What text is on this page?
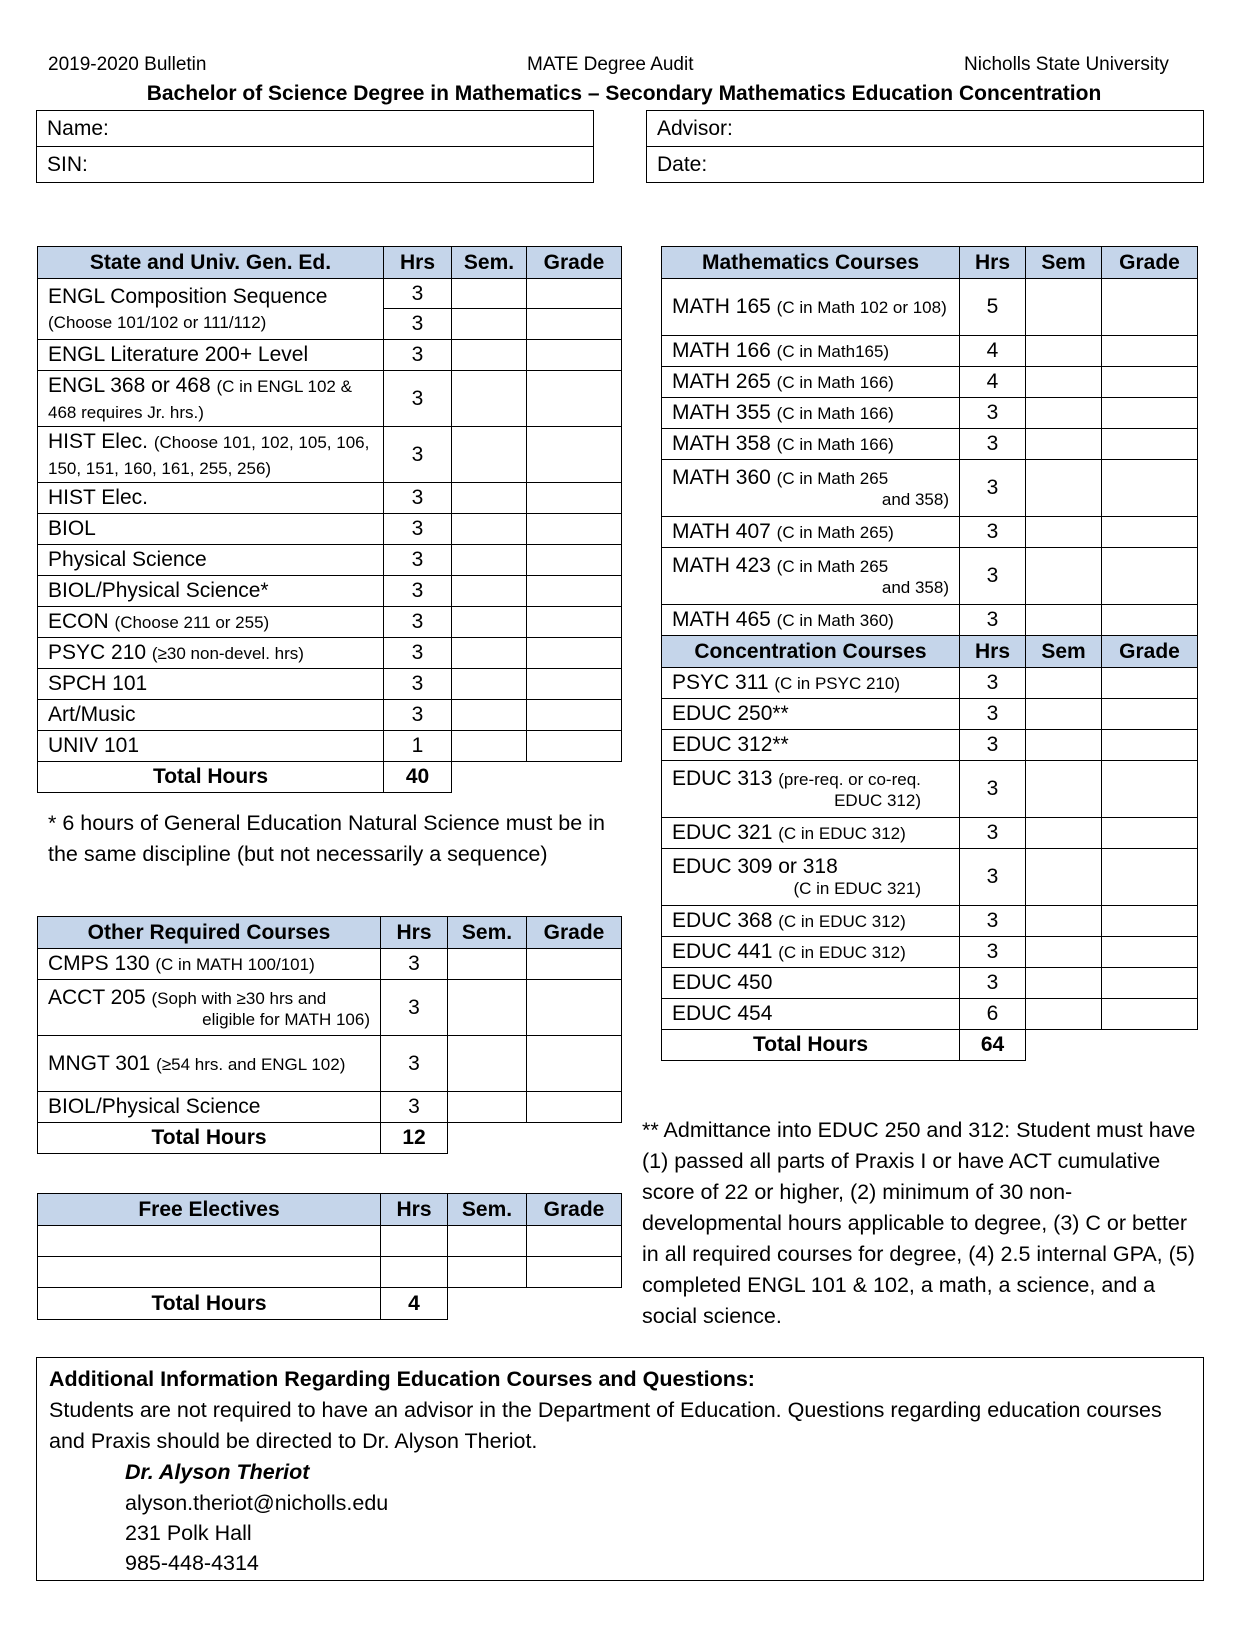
2019-2020 Bulletin	MATE Degree Audit	Nicholls State University
Bachelor of Science Degree in Mathematics – Secondary Mathematics Education Concentration
Name:
SIN:
Advisor:
Date:
State and Univ. Gen. Ed.	Hrs	Sem.	Grade
ENGL Composition Sequence
(Choose 101/102 or 111/112)	3		
	3		
ENGL Literature 200+ Level	3		
ENGL 368 or 468 (C in ENGL 102 & 468 requires Jr. hrs.)	3		
HIST Elec. (Choose 101, 102, 105, 106, 150, 151, 160, 161, 255, 256)	3		
HIST Elec.	3		
BIOL	3		
Physical Science	3		
BIOL/Physical Science*	3		
ECON (Choose 211 or 255)	3		
PSYC 210 (≥30 non-devel. hrs)	3		
SPCH 101	3		
Art/Music	3		
UNIV 101	1		
Total Hours	40		
* 6 hours of General Education Natural Science must be in the same discipline (but not necessarily a sequence)
Other Required Courses	Hrs	Sem.	Grade
CMPS 130 (C in MATH 100/101)	3		
ACCT 205 (Soph with ≥30 hrs and
eligible for MATH 106)	3		
MNGT 301 (≥54 hrs. and ENGL 102)	3		
BIOL/Physical Science	3		
Total Hours	12		
Free Electives	Hrs	Sem.	Grade

Total Hours	4		
Mathematics Courses	Hrs	Sem	Grade
MATH 165 (C in Math 102 or 108)	5		
MATH 166 (C in Math165)	4		
MATH 265 (C in Math 166)	4		
MATH 355 (C in Math 166)	3		
MATH 358 (C in Math 166)	3		
MATH 360 (C in Math 265
and 358)	3		
MATH 407 (C in Math 265)	3		
MATH 423 (C in Math 265
and 358)	3		
MATH 465 (C in Math 360)	3		
Concentration Courses	Hrs	Sem	Grade
PSYC 311 (C in PSYC 210)	3		
EDUC 250**	3		
EDUC 312**	3		
EDUC 313 (pre-req. or co-req.
EDUC 312)	3		
EDUC 321 (C in EDUC 312)	3		
EDUC 309 or 318
(C in EDUC 321)	3		
EDUC 368 (C in EDUC 312)	3		
EDUC 441 (C in EDUC 312)	3		
EDUC 450	3		
EDUC 454	6		
Total Hours	64		
** Admittance into EDUC 250 and 312: Student must have (1) passed all parts of Praxis I or have ACT cumulative score of 22 or higher, (2) minimum of 30 non-developmental hours applicable to degree, (3) C or better in all required courses for degree, (4) 2.5 internal GPA, (5) completed ENGL 101 & 102, a math, a science, and a social science.
Additional Information Regarding Education Courses and Questions:
Students are not required to have an advisor in the Department of Education. Questions regarding education courses and Praxis should be directed to Dr. Alyson Theriot.
Dr. Alyson Theriot
alyson.theriot@nicholls.edu
231 Polk Hall
985-448-4314
